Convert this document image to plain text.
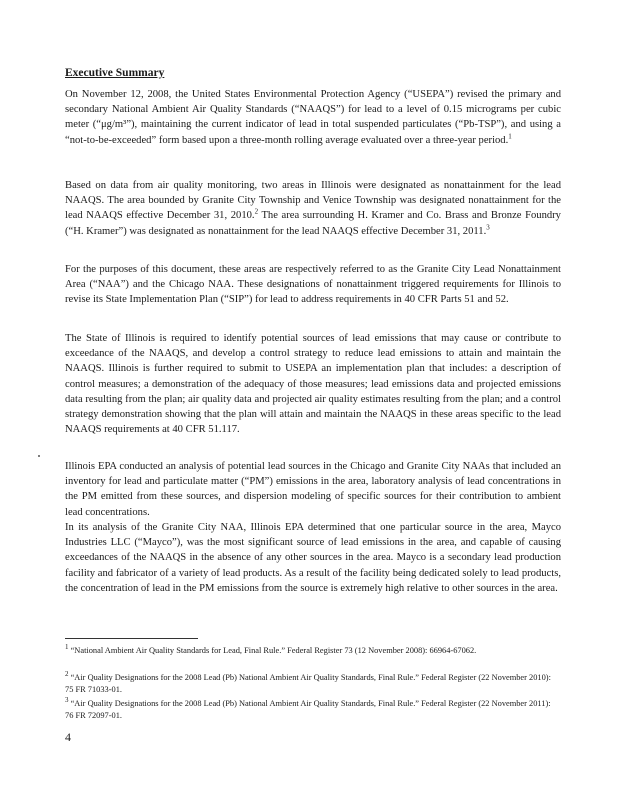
Executive Summary

On November 12, 2008, the United States Environmental Protection Agency (“USEPA”) revised the primary and secondary National Ambient Air Quality Standards (“NAAQS”) for lead to a level of 0.15 micrograms per cubic meter (“μg/m³”), maintaining the current indicator of lead in total suspended particulates (“Pb-TSP”), and using a “not-to-be-exceeded” form based upon a three-month rolling average evaluated over a three-year period.$^1$

Based on data from air quality monitoring, two areas in Illinois were designated as nonattainment for the lead NAAQS. The area bounded by Granite City Township and Venice Township was designated nonattainment for the lead NAAQS effective December 31, 2010.$^2$ The area surrounding H. Kramer and Co. Brass and Bronze Foundry (“H. Kramer”) was designated as nonattainment for the lead NAAQS effective December 31, 2011.$^3$

For the purposes of this document, these areas are respectively referred to as the Granite City Lead Nonattainment Area (“NAA”) and the Chicago NAA. These designations of nonattainment triggered requirements for Illinois to revise its State Implementation Plan (“SIP”) for lead to address requirements in 40 CFR Parts 51 and 52.

The State of Illinois is required to identify potential sources of lead emissions that may cause or contribute to exceedance of the NAAQS, and develop a control strategy to reduce lead emissions to attain and maintain the NAAQS. Illinois is further required to submit to USEPA an implementation plan that includes: a description of control measures; a demonstration of the adequacy of those measures; lead emissions data and projected emissions data resulting from the plan; air quality data and projected air quality estimates resulting from the plan; and a control strategy demonstration showing that the plan will attain and maintain the NAAQS in these areas specific to the lead NAAQS requirements at 40 CFR 51.117.

Illinois EPA conducted an analysis of potential lead sources in the Chicago and Granite City NAAs that included an inventory for lead and particulate matter (“PM”) emissions in the area, laboratory analysis of lead concentrations in the PM emitted from these sources, and dispersion modeling of specific sources for their contribution to ambient lead concentrations.

In its analysis of the Granite City NAA, Illinois EPA determined that one particular source in the area, Mayco Industries LLC (“Mayco”), was the most significant source of lead emissions in the area, and capable of causing exceedances of the NAAQS in the absence of any other sources in the area. Mayco is a secondary lead production facility and fabricator of a variety of lead products. As a result of the facility being dedicated solely to lead products, the concentration of lead in the PM emissions from the source is extremely high relative to other sources in the area.

$^1$ “National Ambient Air Quality Standards for Lead, Final Rule.” Federal Register 73 (12 November 2008): 66964-67062.

$^2$ “Air Quality Designations for the 2008 Lead (Pb) National Ambient Air Quality Standards, Final Rule.” Federal Register (22 November 2010): 75 FR 71033-01.

$^3$ “Air Quality Designations for the 2008 Lead (Pb) National Ambient Air Quality Standards, Final Rule.” Federal Register (22 November 2011): 76 FR 72097-01.

4
